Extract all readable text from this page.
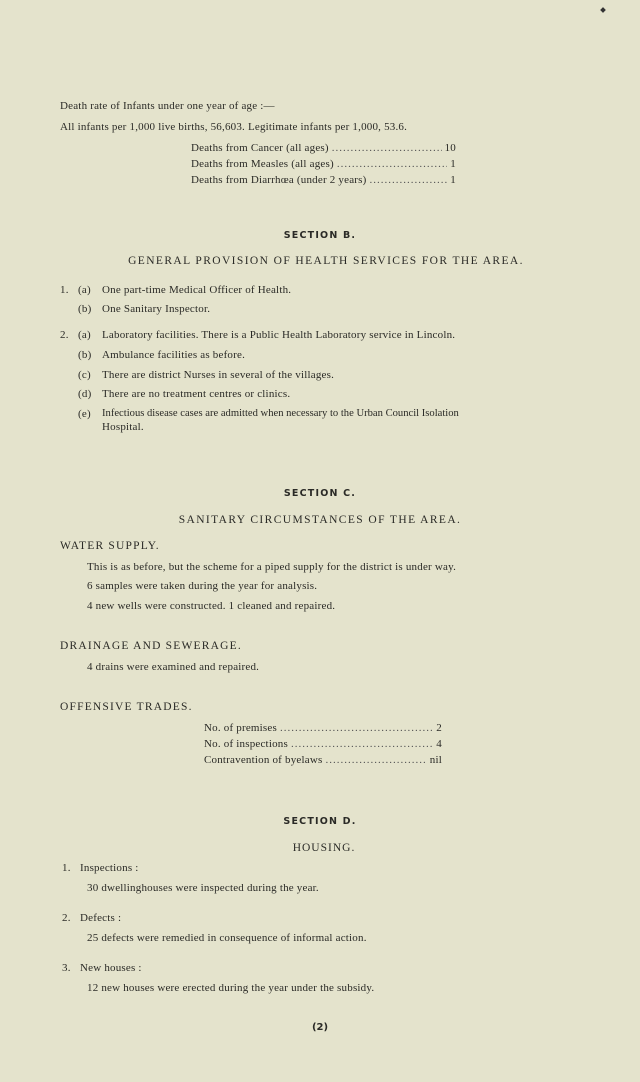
Death rate of Infants under one year of age :—
All infants per 1,000 live births, 56,603. Legitimate infants per 1,000, 53.6.
Deaths from Cancer (all ages) .....	10
Deaths from Measles (all ages) .....	1
Deaths from Diarrhœa (under 2 years) .....	1
SECTION B.
GENERAL PROVISION OF HEALTH SERVICES FOR THE AREA.
1. (a) One part-time Medical Officer of Health.
(b) One Sanitary Inspector.
2. (a) Laboratory facilities. There is a Public Health Laboratory service in Lincoln.
(b) Ambulance facilities as before.
(c) There are district Nurses in several of the villages.
(d) There are no treatment centres or clinics.
(e) Infectious disease cases are admitted when necessary to the Urban Council Isolation
Hospital.
SECTION C.
SANITARY CIRCUMSTANCES OF THE AREA.
WATER SUPPLY.
This is as before, but the scheme for a piped supply for the district is under way.
6 samples were taken during the year for analysis.
4 new wells were constructed. 1 cleaned and repaired.
DRAINAGE AND SEWERAGE.
4 drains were examined and repaired.
OFFENSIVE TRADES.
No. of premises .....	2
No. of inspections .....	4
Contravention of byelaws .....	nil
SECTION D.
HOUSING.
1. Inspections :
30 dwellinghouses were inspected during the year.
2. Defects :
25 defects were remedied in consequence of informal action.
3. New houses :
12 new houses were erected during the year under the subsidy.
(2)
